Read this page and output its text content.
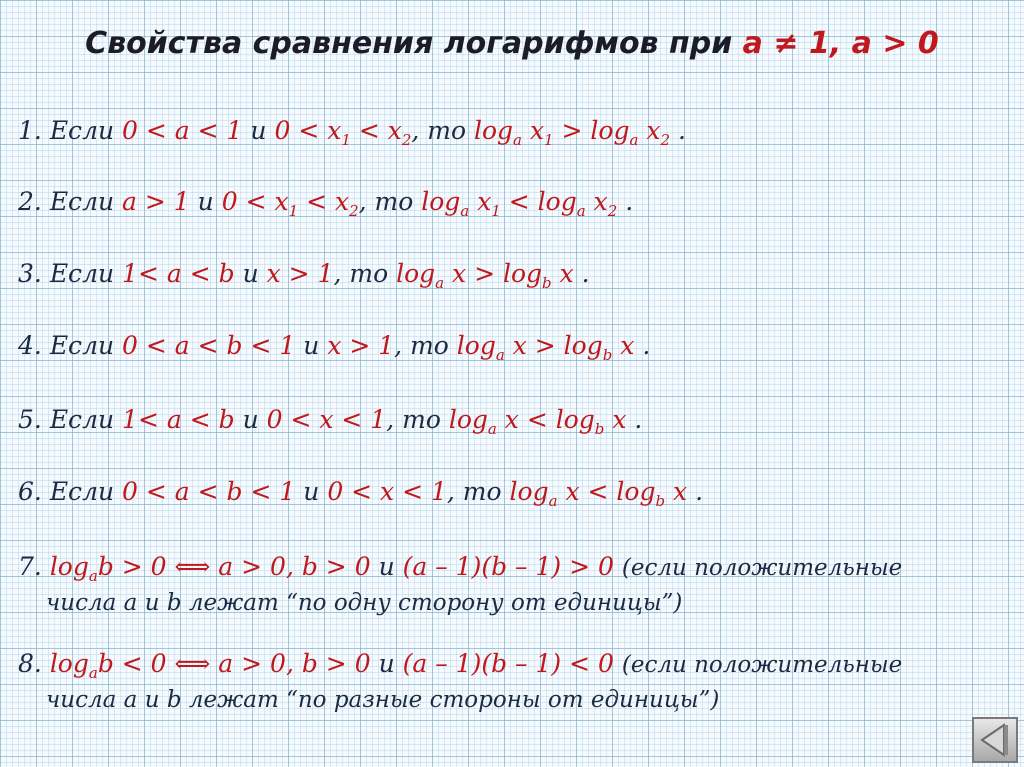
Свойства сравнения логарифмов при a ≠ 1, a > 0
1. Если 0 < a < 1 и $0 < x_1 < x_2$, то $\log_a x_1 > \log_a x_2$ .
2. Если a > 1 и $0 < x_1 < x_2$, то $\log_a x_1 < \log_a x_2$ .
3. Если 1< a < b и x > 1, то $\log_a x > \log_b x$ .
4. Если 0 < a < b < 1 и x > 1, то $\log_a x > \log_b x$ .
5. Если 1< a < b и 0 < x < 1, то $\log_a x < \log_b x$ .
6. Если 0 < a < b < 1 и 0 < x < 1, то $\log_a x < \log_b x$ .
7. $\log_ab > 0$ ⟺ a > 0, b > 0 и (a – 1)(b – 1) > 0 (если положительные
числа a и b лежат “по одну сторону от единицы”)
8. $\log_ab < 0$ ⟺ a > 0, b > 0 и (a – 1)(b – 1) < 0 (если положительные
числа a и b лежат “по разные стороны от единицы”)
